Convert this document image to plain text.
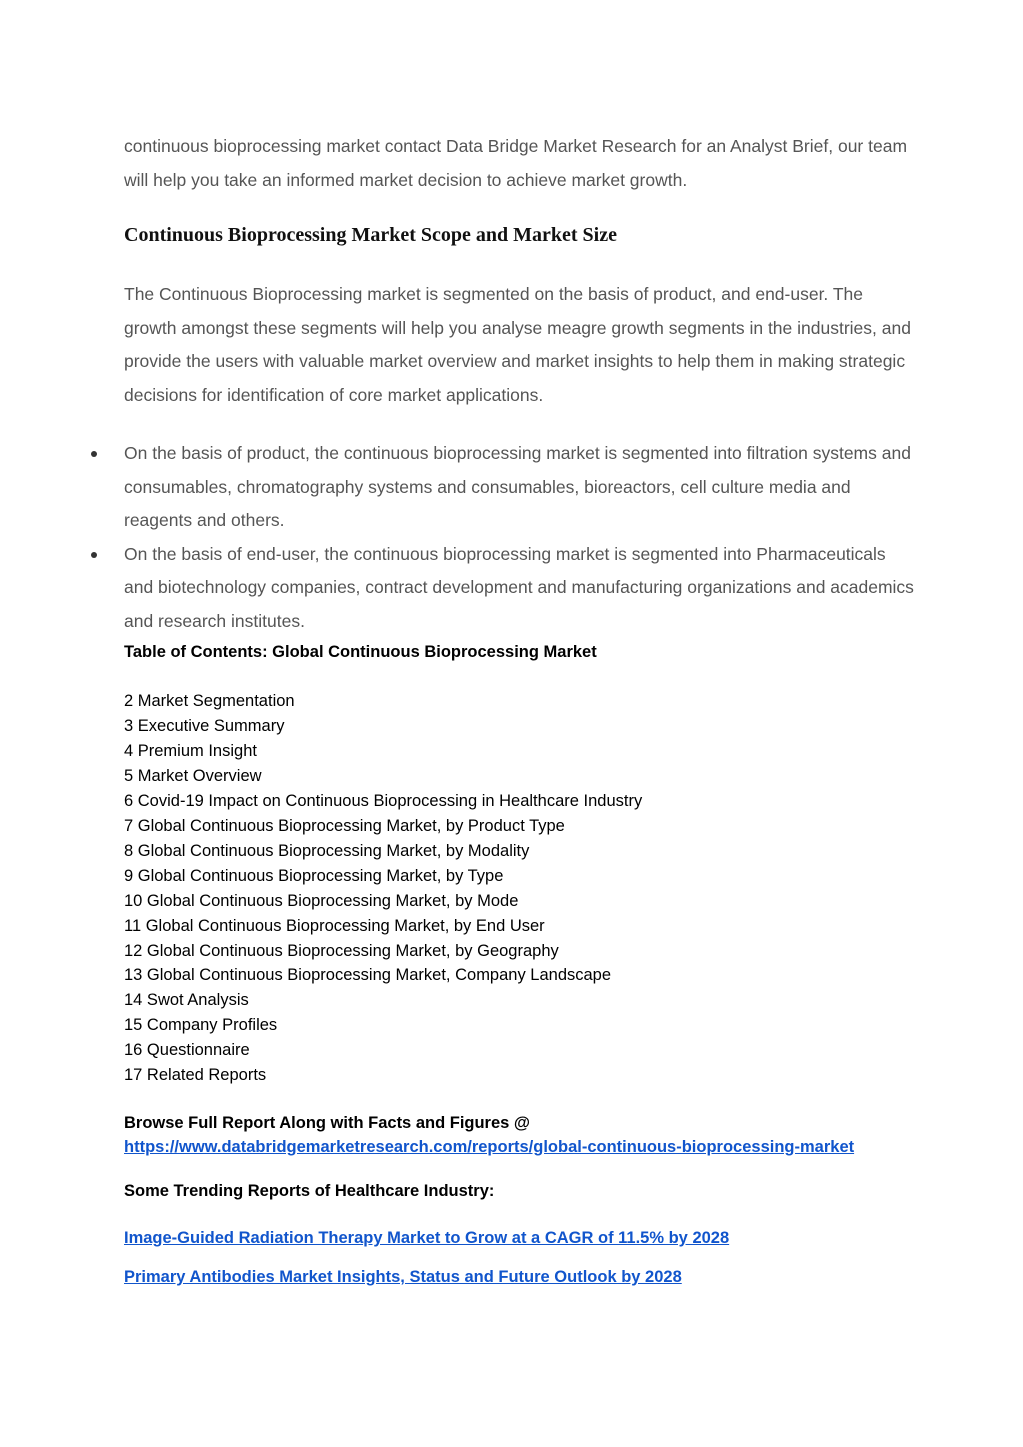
continuous bioprocessing market contact Data Bridge Market Research for an Analyst Brief, our team will help you take an informed market decision to achieve market growth.

Continuous Bioprocessing Market Scope and Market Size

The Continuous Bioprocessing market is segmented on the basis of product, and end-user. The growth amongst these segments will help you analyse meagre growth segments in the industries, and provide the users with valuable market overview and market insights to help them in making strategic decisions for identification of core market applications.

On the basis of product, the continuous bioprocessing market is segmented into filtration systems and consumables, chromatography systems and consumables, bioreactors, cell culture media and reagents and others.
On the basis of end-user, the continuous bioprocessing market is segmented into Pharmaceuticals and biotechnology companies, contract development and manufacturing organizations and academics and research institutes.

Table of Contents: Global Continuous Bioprocessing Market

2 Market Segmentation
3 Executive Summary
4 Premium Insight
5 Market Overview
6 Covid-19 Impact on Continuous Bioprocessing in Healthcare Industry
7 Global Continuous Bioprocessing Market, by Product Type
8 Global Continuous Bioprocessing Market, by Modality
9 Global Continuous Bioprocessing Market, by Type
10 Global Continuous Bioprocessing Market, by Mode
11 Global Continuous Bioprocessing Market, by End User
12 Global Continuous Bioprocessing Market, by Geography
13 Global Continuous Bioprocessing Market, Company Landscape
14 Swot Analysis
15 Company Profiles
16 Questionnaire
17 Related Reports
Browse Full Report Along with Facts and Figures @
https://www.databridgemarketresearch.com/reports/global-continuous-bioprocessing-market

Some Trending Reports of Healthcare Industry:

Image-Guided Radiation Therapy Market to Grow at a CAGR of 11.5% by 2028

Primary Antibodies Market Insights, Status and Future Outlook by 2028
